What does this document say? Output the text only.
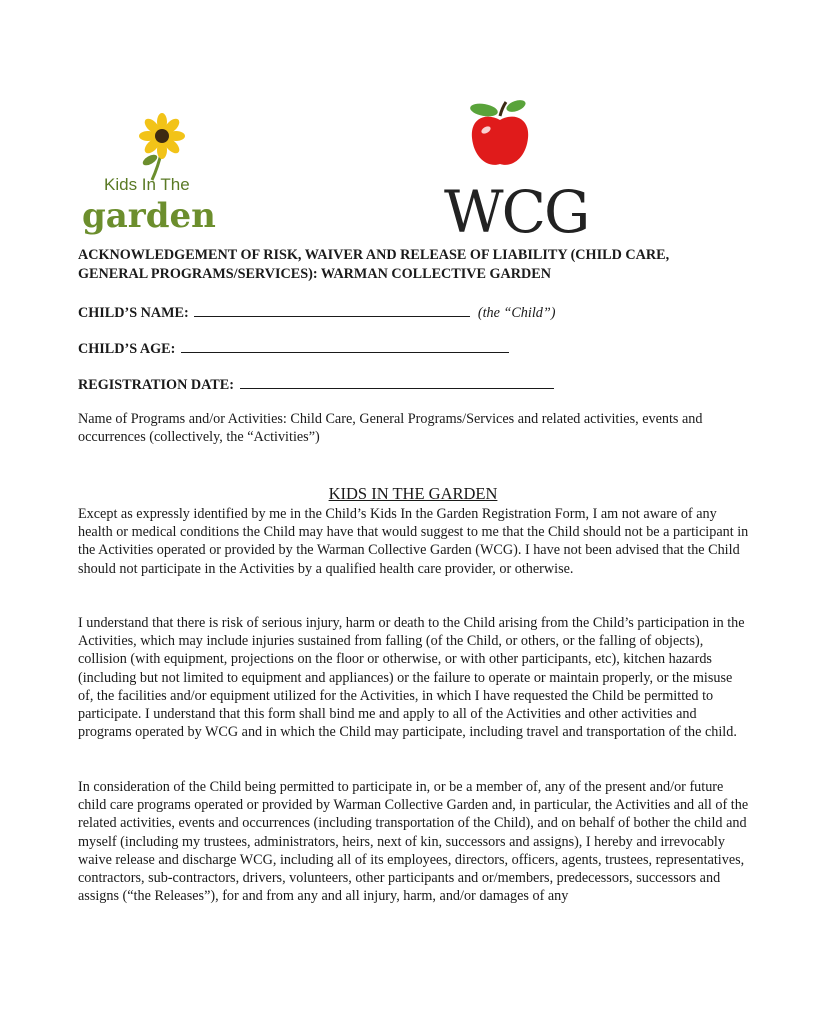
Kids In The
garden	WCG
ACKNOWLEDGEMENT OF RISK, WAIVER AND RELEASE OF LIABILITY (CHILD CARE, GENERAL PROGRAMS/SERVICES): WARMAN COLLECTIVE GARDEN
CHILD’S NAME:	(the “Child”)
CHILD’S AGE:
REGISTRATION DATE:
Name of Programs and/or Activities: Child Care, General Programs/Services and related activities, events and occurrences (collectively, the “Activities”)
KIDS IN THE GARDEN
Except as expressly identified by me in the Child’s Kids In the Garden Registration Form, I am not aware of any health or medical conditions the Child may have that would suggest to me that the Child should not be a participant in the Activities operated or provided by the Warman Collective Garden (WCG). I have not been advised that the Child should not participate in the Activities by a qualified health care provider, or otherwise.
I understand that there is risk of serious injury, harm or death to the Child arising from the Child’s participation in the Activities, which may include injuries sustained from falling (of the Child, or others, or the falling of objects), collision (with equipment, projections on the floor or otherwise, or with other participants, etc), kitchen hazards (including but not limited to equipment and appliances) or the failure to operate or maintain properly, or the misuse of, the facilities and/or equipment utilized for the Activities, in which I have requested the Child be permitted to participate. I understand that this form shall bind me and apply to all of the Activities and other activities and programs operated by WCG and in which the Child may participate, including travel and transportation of the child.
In consideration of the Child being permitted to participate in, or be a member of, any of the present and/or future child care programs operated or provided by Warman Collective Garden and, in particular, the Activities and all of the related activities, events and occurrences (including transportation of the Child), and on behalf of bother the child and myself (including my trustees, administrators, heirs, next of kin, successors and assigns), I hereby and irrevocably waive release and discharge WCG, including all of its employees, directors, officers, agents, trustees, representatives, contractors, sub-contractors, drivers, volunteers, other participants and or/members, predecessors, successors and assigns (“the Releases”), for and from any and all injury, harm, and/or damages of any
